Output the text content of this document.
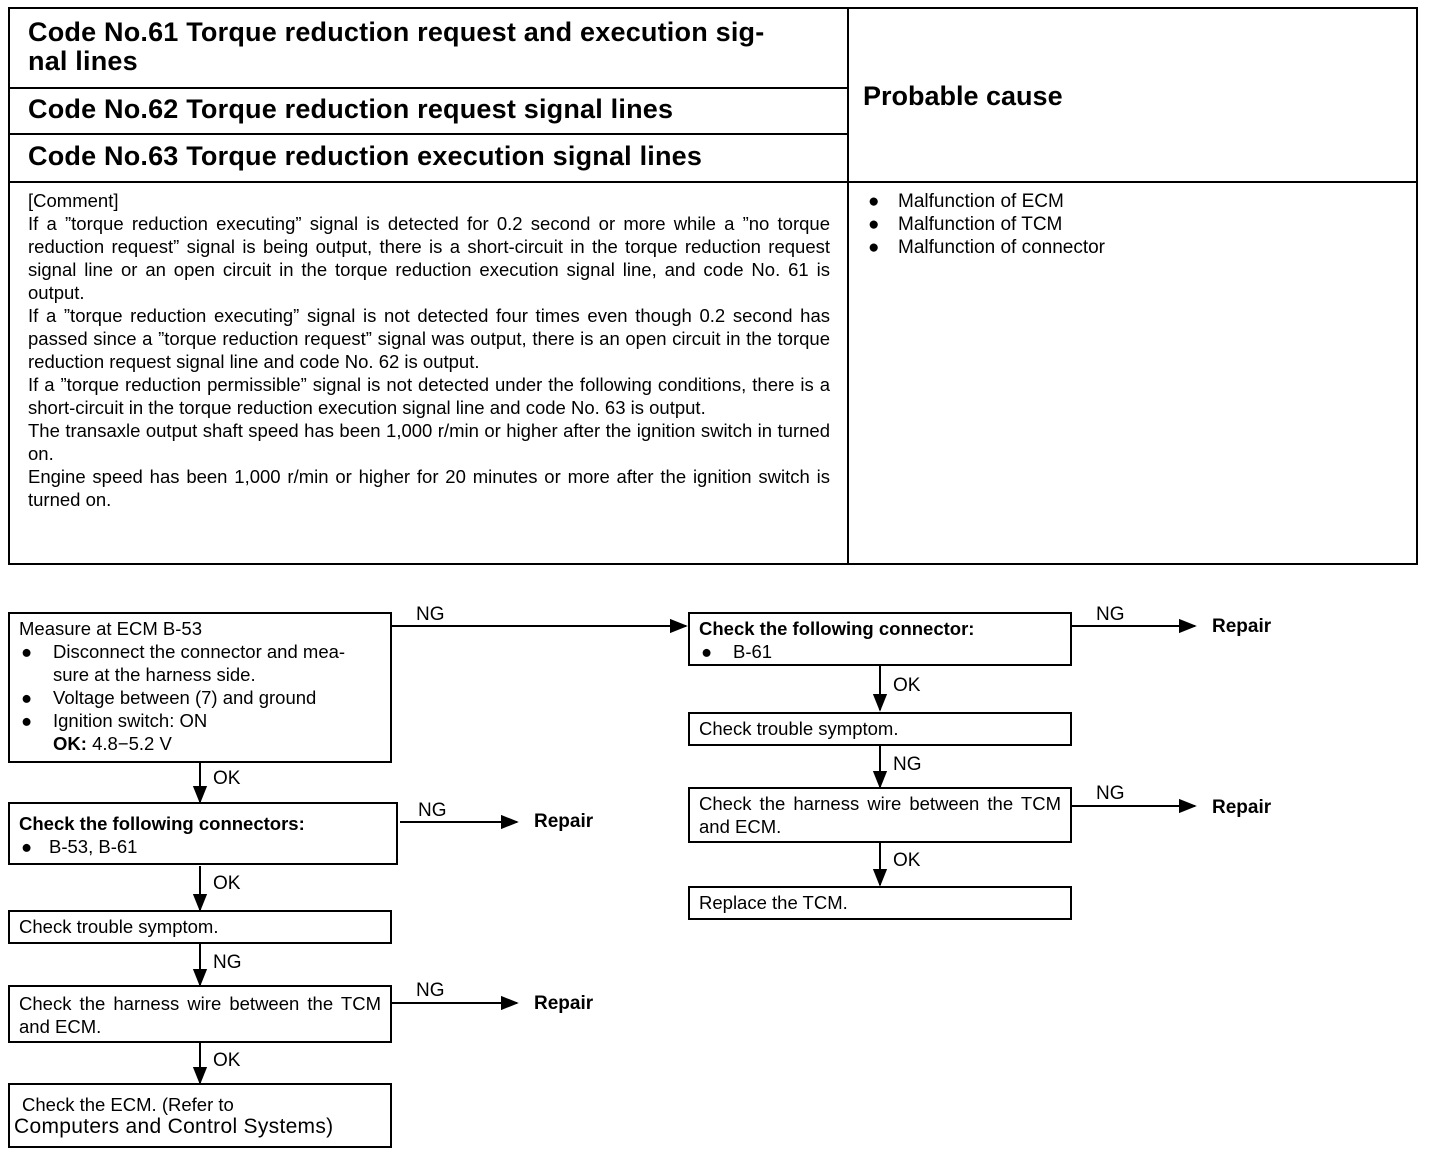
Code No.61 Torque reduction request and execution sig-
nal lines
Code No.62 Torque reduction request signal lines
Code No.63 Torque reduction execution signal lines
Probable cause

[Comment]

If a ”torque reduction executing” signal is detected for 0.2 second or more while a ”no torque reduction request” signal is being output, there is a short-circuit in the torque reduction request signal line or an open circuit in the torque reduction execution signal line, and code No. 61 is output.

If a ”torque reduction executing” signal is not detected four times even though 0.2 second has passed since a ”torque reduction request” signal was output, there is an open circuit in the torque reduction request signal line and code No. 62 is output.

If a ”torque reduction permissible” signal is not detected under the following conditions, there is a short-circuit in the torque reduction execution signal line and code No. 63 is output.

The transaxle output shaft speed has been 1,000 r/min or higher after the ignition switch in turned on.

Engine speed has been 1,000 r/min or higher for 20 minutes or more after the ignition switch is turned on.

● Malfunction of ECM
● Malfunction of TCM
● Malfunction of connector
Measure at ECM B-53
● Disconnect the connector and mea-sure at the harness side.
● Voltage between (7) and ground
● Ignition switch: ON
OK: 4.8−5.2 V
Check the following connectors:
● B-53, B-61
Check trouble symptom.
Check the harness wire between the TCM and ECM.
Check the ECM. (Refer to
Computers and Control Systems)
NG
OK
NG
Repair
OK
NG
NG
Repair
OK
Check the following connector:
● B-61
Check trouble symptom.
Check the harness wire between the TCM and ECM.
Replace the TCM.
NG
Repair
OK
NG
NG
Repair
OK
